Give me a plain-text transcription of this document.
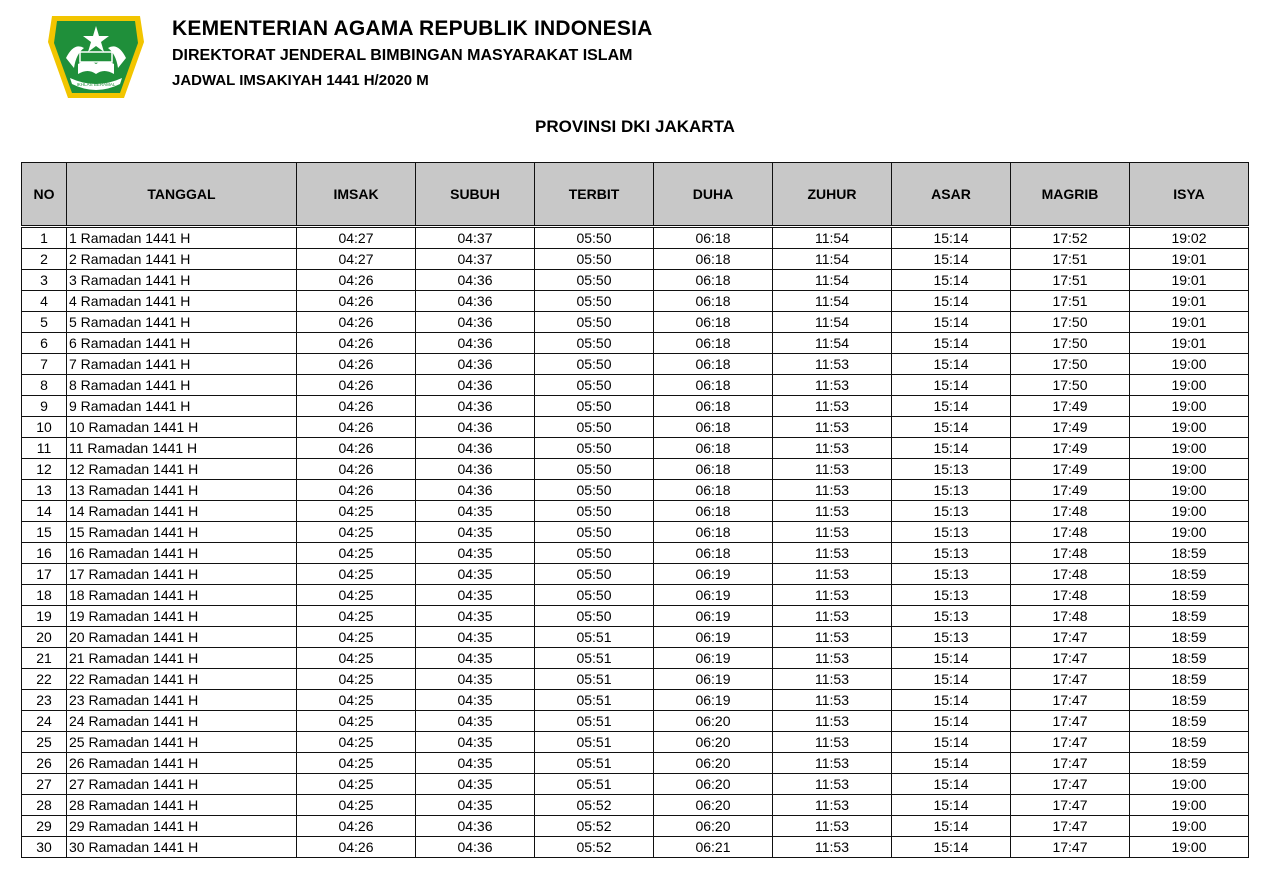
IKHLAS BERAMAL
KEMENTERIAN AGAMA REPUBLIK INDONESIA
DIREKTORAT JENDERAL BIMBINGAN MASYARAKAT ISLAM
JADWAL IMSAKIYAH 1441 H/2020 M
PROVINSI DKI JAKARTA
NO	TANGGAL	IMSAK	SUBUH	TERBIT	DUHA	ZUHUR	ASAR	MAGRIB	ISYA

1	1 Ramadan 1441 H	04:27	04:37	05:50	06:18	11:54	15:14	17:52	19:02
2	2 Ramadan 1441 H	04:27	04:37	05:50	06:18	11:54	15:14	17:51	19:01
3	3 Ramadan 1441 H	04:26	04:36	05:50	06:18	11:54	15:14	17:51	19:01
4	4 Ramadan 1441 H	04:26	04:36	05:50	06:18	11:54	15:14	17:51	19:01
5	5 Ramadan 1441 H	04:26	04:36	05:50	06:18	11:54	15:14	17:50	19:01
6	6 Ramadan 1441 H	04:26	04:36	05:50	06:18	11:54	15:14	17:50	19:01
7	7 Ramadan 1441 H	04:26	04:36	05:50	06:18	11:53	15:14	17:50	19:00
8	8 Ramadan 1441 H	04:26	04:36	05:50	06:18	11:53	15:14	17:50	19:00
9	9 Ramadan 1441 H	04:26	04:36	05:50	06:18	11:53	15:14	17:49	19:00
10	10 Ramadan 1441 H	04:26	04:36	05:50	06:18	11:53	15:14	17:49	19:00
11	11 Ramadan 1441 H	04:26	04:36	05:50	06:18	11:53	15:14	17:49	19:00
12	12 Ramadan 1441 H	04:26	04:36	05:50	06:18	11:53	15:13	17:49	19:00
13	13 Ramadan 1441 H	04:26	04:36	05:50	06:18	11:53	15:13	17:49	19:00
14	14 Ramadan 1441 H	04:25	04:35	05:50	06:18	11:53	15:13	17:48	19:00
15	15 Ramadan 1441 H	04:25	04:35	05:50	06:18	11:53	15:13	17:48	19:00
16	16 Ramadan 1441 H	04:25	04:35	05:50	06:18	11:53	15:13	17:48	18:59
17	17 Ramadan 1441 H	04:25	04:35	05:50	06:19	11:53	15:13	17:48	18:59
18	18 Ramadan 1441 H	04:25	04:35	05:50	06:19	11:53	15:13	17:48	18:59
19	19 Ramadan 1441 H	04:25	04:35	05:50	06:19	11:53	15:13	17:48	18:59
20	20 Ramadan 1441 H	04:25	04:35	05:51	06:19	11:53	15:13	17:47	18:59
21	21 Ramadan 1441 H	04:25	04:35	05:51	06:19	11:53	15:14	17:47	18:59
22	22 Ramadan 1441 H	04:25	04:35	05:51	06:19	11:53	15:14	17:47	18:59
23	23 Ramadan 1441 H	04:25	04:35	05:51	06:19	11:53	15:14	17:47	18:59
24	24 Ramadan 1441 H	04:25	04:35	05:51	06:20	11:53	15:14	17:47	18:59
25	25 Ramadan 1441 H	04:25	04:35	05:51	06:20	11:53	15:14	17:47	18:59
26	26 Ramadan 1441 H	04:25	04:35	05:51	06:20	11:53	15:14	17:47	18:59
27	27 Ramadan 1441 H	04:25	04:35	05:51	06:20	11:53	15:14	17:47	19:00
28	28 Ramadan 1441 H	04:25	04:35	05:52	06:20	11:53	15:14	17:47	19:00
29	29 Ramadan 1441 H	04:26	04:36	05:52	06:20	11:53	15:14	17:47	19:00
30	30 Ramadan 1441 H	04:26	04:36	05:52	06:21	11:53	15:14	17:47	19:00
